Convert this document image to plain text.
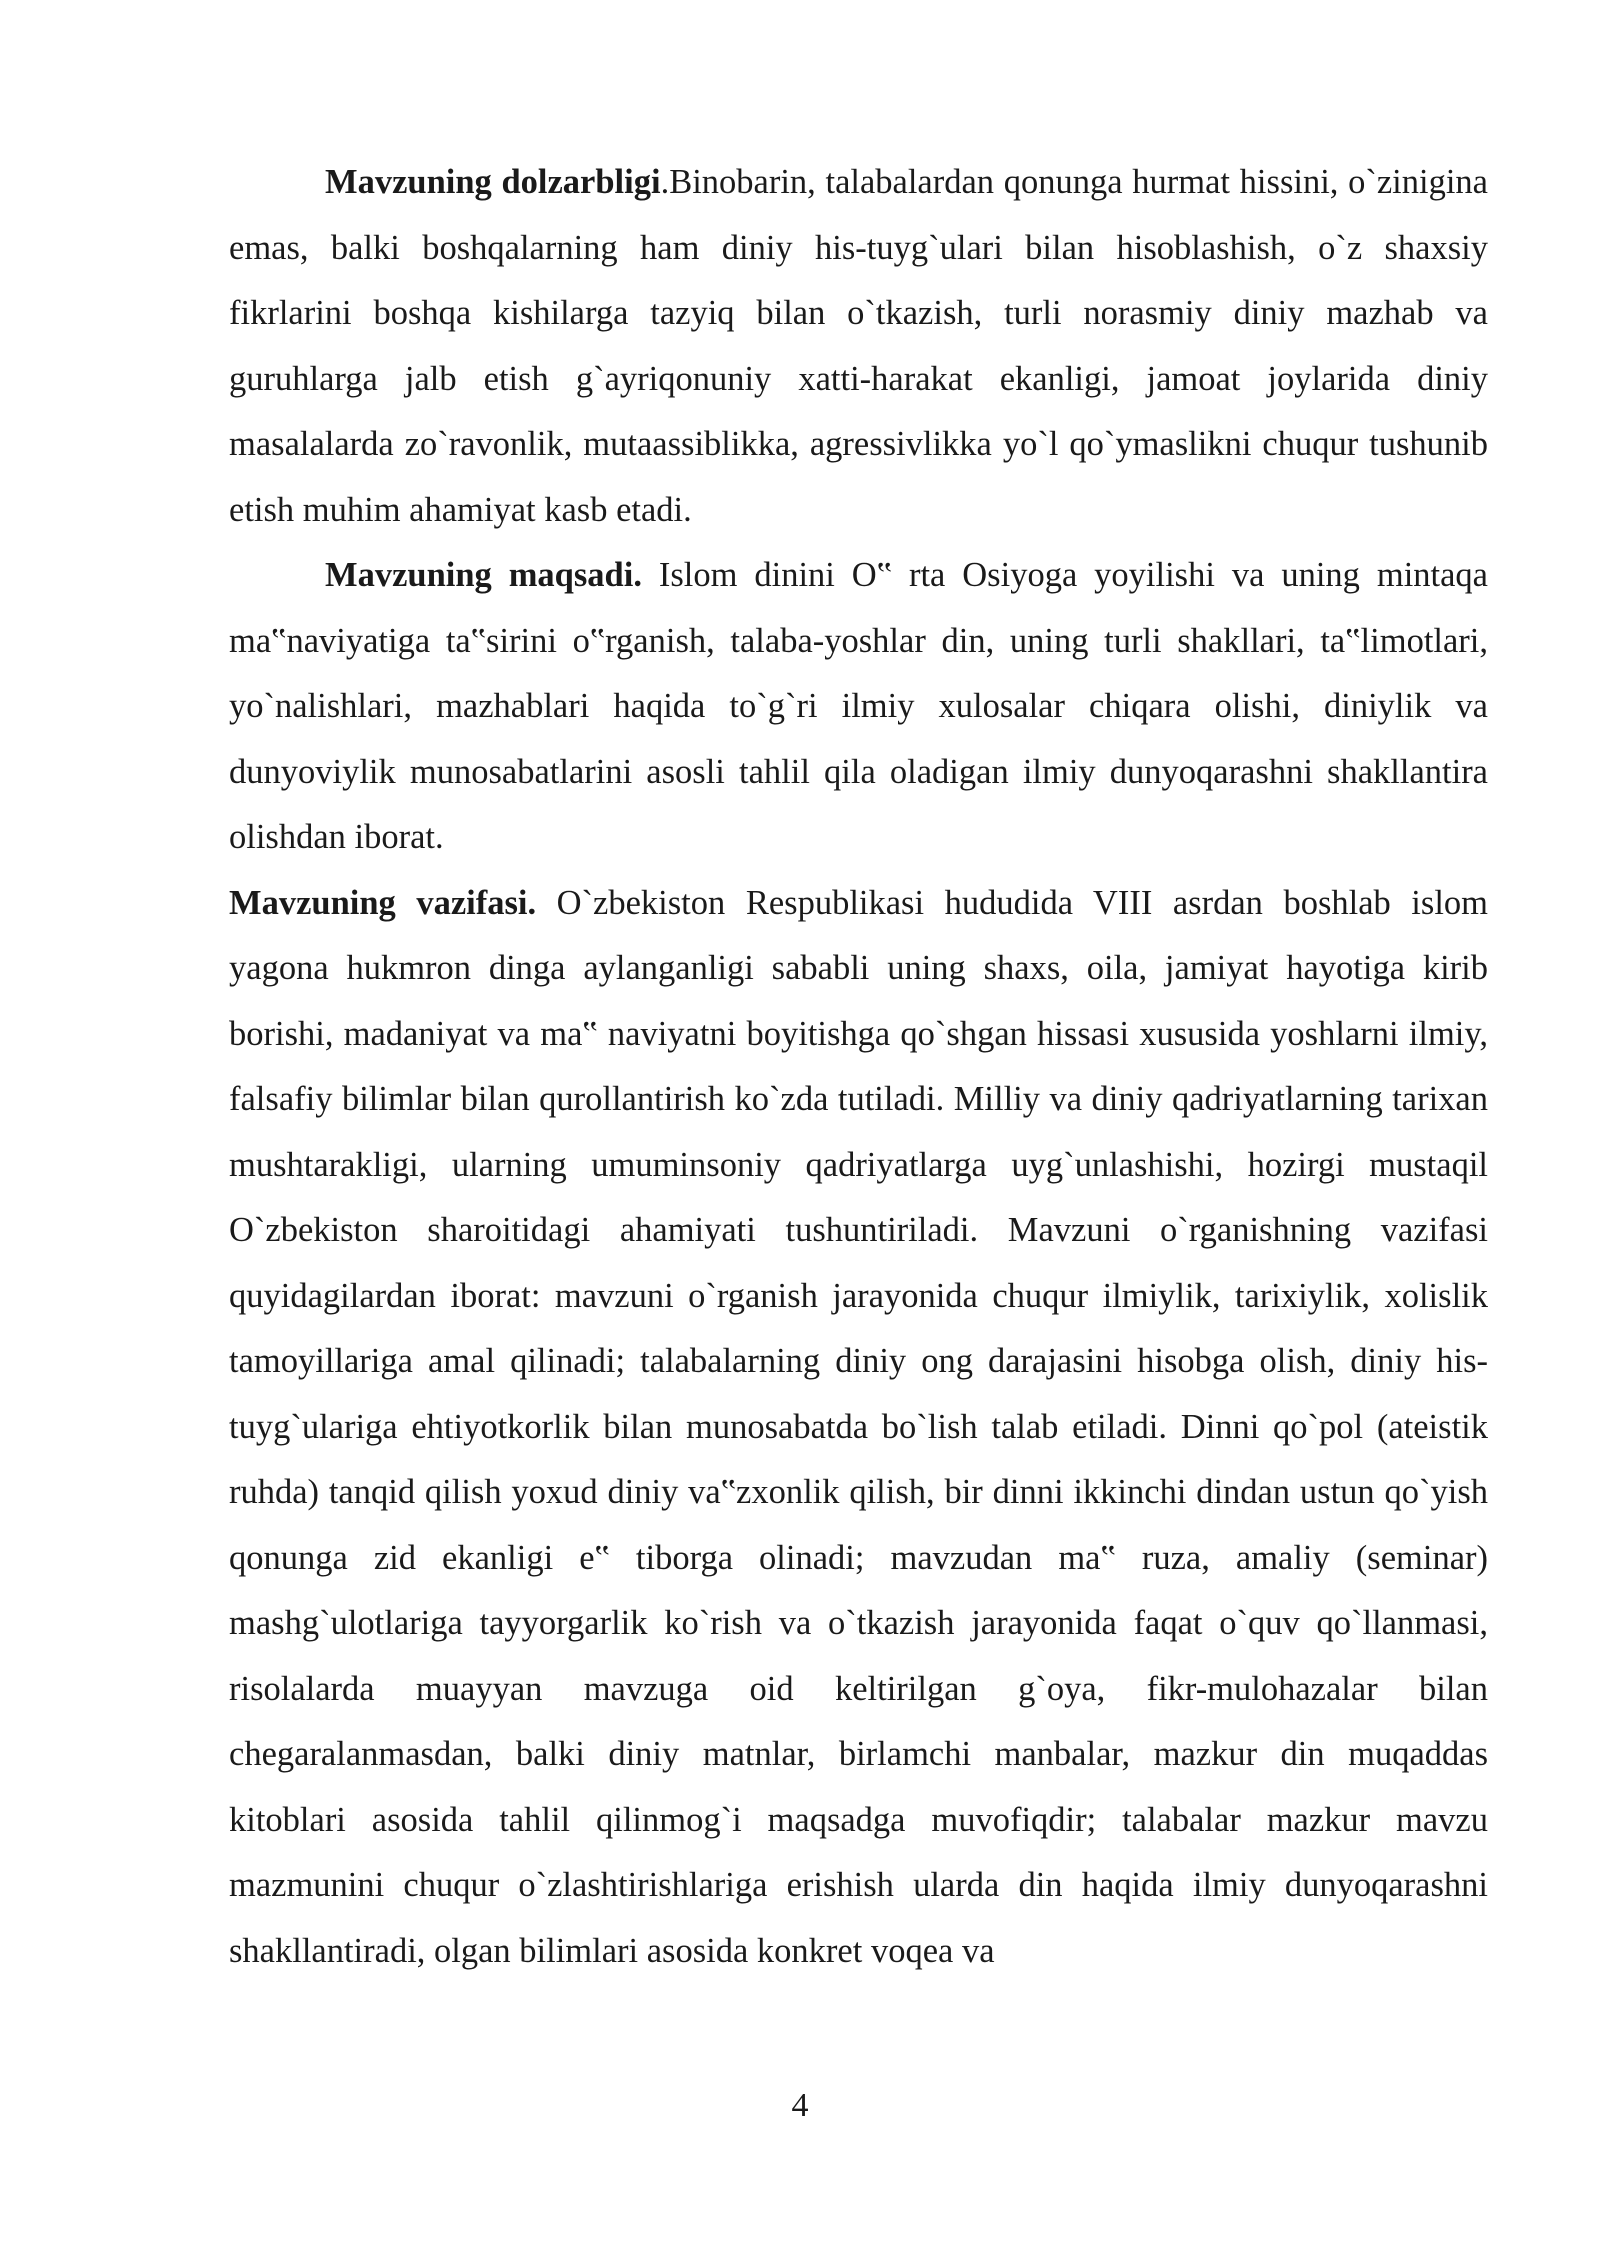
Mavzuning dolzarbligi.Binobarin, talabalardan qonunga hurmat hissini, o`zinigina emas, balki boshqalarning ham diniy his-tuyg`ulari bilan hisoblashish, o`z shaxsiy fikrlarini boshqa kishilarga tazyiq bilan o`tkazish, turli norasmiy diniy mazhab va guruhlarga jalb etish g`ayriqonuniy xatti-harakat ekanligi, jamoat joylarida diniy masalalarda zo`ravonlik, mutaassiblikka, agressivlikka yo`l qo`ymaslikni chuqur tushunib etish muhim ahamiyat kasb etadi.

Mavzuning maqsadi. Islom dinini O‟ rta Osiyoga yoyilishi va uning mintaqa ma‟naviyatiga ta‟sirini o‟rganish, talaba-yoshlar din, uning turli shakllari, ta‟limotlari, yo`nalishlari, mazhablari haqida to`g`ri ilmiy xulosalar chiqara olishi, diniylik va dunyoviylik munosabatlarini asosli tahlil qila oladigan ilmiy dunyoqarashni shakllantira olishdan iborat.

Mavzuning vazifasi. O`zbekiston Respublikasi hududida VIII asrdan boshlab islom yagona hukmron dinga aylanganligi sababli uning shaxs, oila, jamiyat hayotiga kirib borishi, madaniyat va ma‟ naviyatni boyitishga qo`shgan hissasi xususida yoshlarni ilmiy, falsafiy bilimlar bilan qurollantirish ko`zda tutiladi. Milliy va diniy qadriyatlarning tarixan mushtarakligi, ularning umuminsoniy qadriyatlarga uyg`unlashishi, hozirgi mustaqil O`zbekiston sharoitidagi ahamiyati tushuntiriladi. Mavzuni o`rganishning vazifasi quyidagilardan iborat: mavzuni o`rganish jarayonida chuqur ilmiylik, tarixiylik, xolislik tamoyillariga amal qilinadi; talabalarning diniy ong darajasini hisobga olish, diniy his-tuyg`ulariga ehtiyotkorlik bilan munosabatda bo`lish talab etiladi. Dinni qo`pol (ateistik ruhda) tanqid qilish yoxud diniy va‟zxonlik qilish, bir dinni ikkinchi dindan ustun qo`yish qonunga zid ekanligi e‟ tiborga olinadi; mavzudan ma‟ ruza, amaliy (seminar) mashg`ulotlariga tayyorgarlik ko`rish va o`tkazish jarayonida faqat o`quv qo`llanmasi, risolalarda muayyan mavzuga oid keltirilgan g`oya, fikr-mulohazalar bilan chegaralanmasdan, balki diniy matnlar, birlamchi manbalar, mazkur din muqaddas kitoblari asosida tahlil qilinmog`i maqsadga muvofiqdir; talabalar mazkur mavzu mazmunini chuqur o`zlashtirishlariga erishish ularda din haqida ilmiy dunyoqarashni shakllantiradi, olgan bilimlari asosida konkret voqea va

4
